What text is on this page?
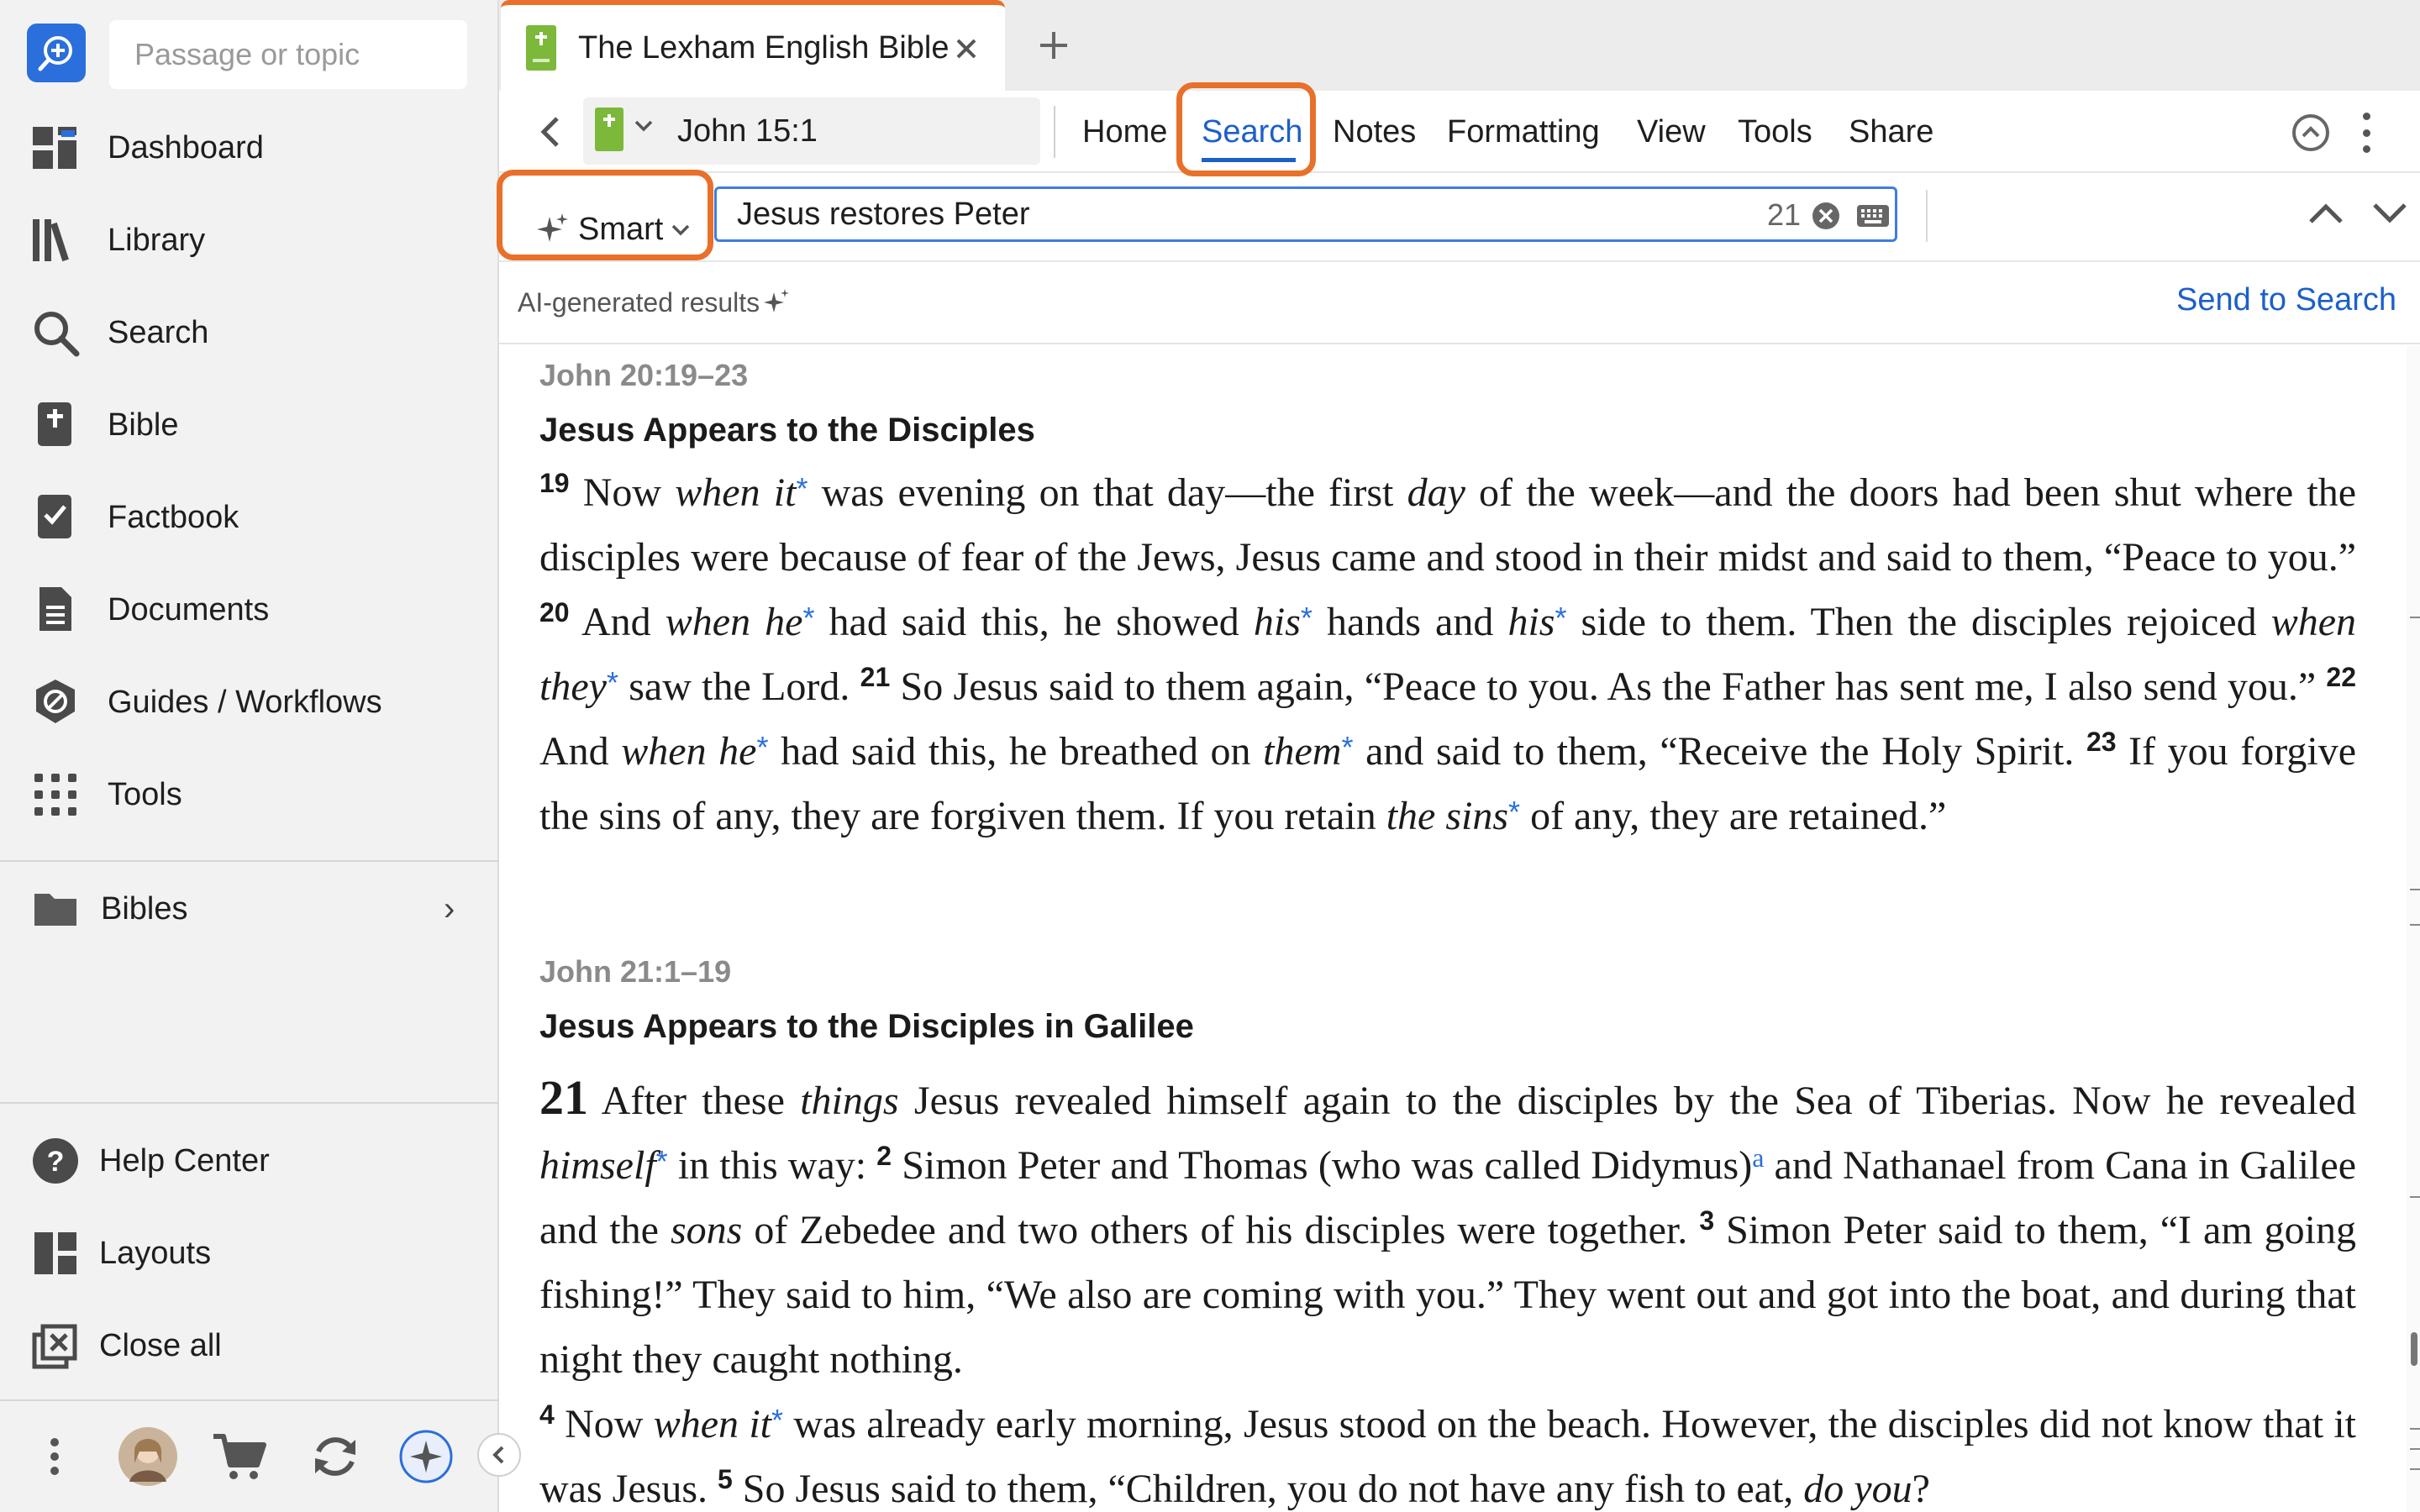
Passage or topic
Dashboard
Library
Search
Bible
Factbook
Documents
Guides / Workflows
Tools
Bibles	›
? Help Center
Layouts
Close all
The Lexham English Bible
John 15:1	Home Search Notes Formatting View Tools Share
Smart
Jesus restores Peter	21
AI-generated results	Send to Search
John 20:19–23
Jesus Appears to the Disciples
$^{19}$ Now when it* was evening on that day—the first day of the week—and the doors had been shut where the disciples were because of fear of the Jews, Jesus came and stood in their midst and said to them, “Peace to you.” $^{20}$ And when he* had said this, he showed his* hands and his* side to them. Then the disciples rejoiced when they* saw the Lord. $^{21}$ So Jesus said to them again, “Peace to you. As the Father has sent me, I also send you.” $^{22}$ And when he* had said this, he breathed on them* and said to them, “Receive the Holy Spirit. $^{23}$ If you forgive the sins of any, they are forgiven them. If you retain the sins* of any, they are retained.”
John 21:1–19
Jesus Appears to the Disciples in Galilee
21 After these things Jesus revealed himself again to the disciples by the Sea of Tiberias. Now he revealed himself* in this way: $^2$ Simon Peter and Thomas (who was called Didymus)$^a$ and Nathanael from Cana in Galilee and the sons of Zebedee and two others of his disciples were together. $^3$ Simon Peter said to them, “I am going fishing!” They said to him, “We also are coming with you.” They went out and got into the boat, and during that night they caught nothing.
$^4$ Now when it* was already early morning, Jesus stood on the beach. However, the disciples did not know that it was Jesus. $^5$ So Jesus said to them, “Children, you do not have any fish to eat, do you?
